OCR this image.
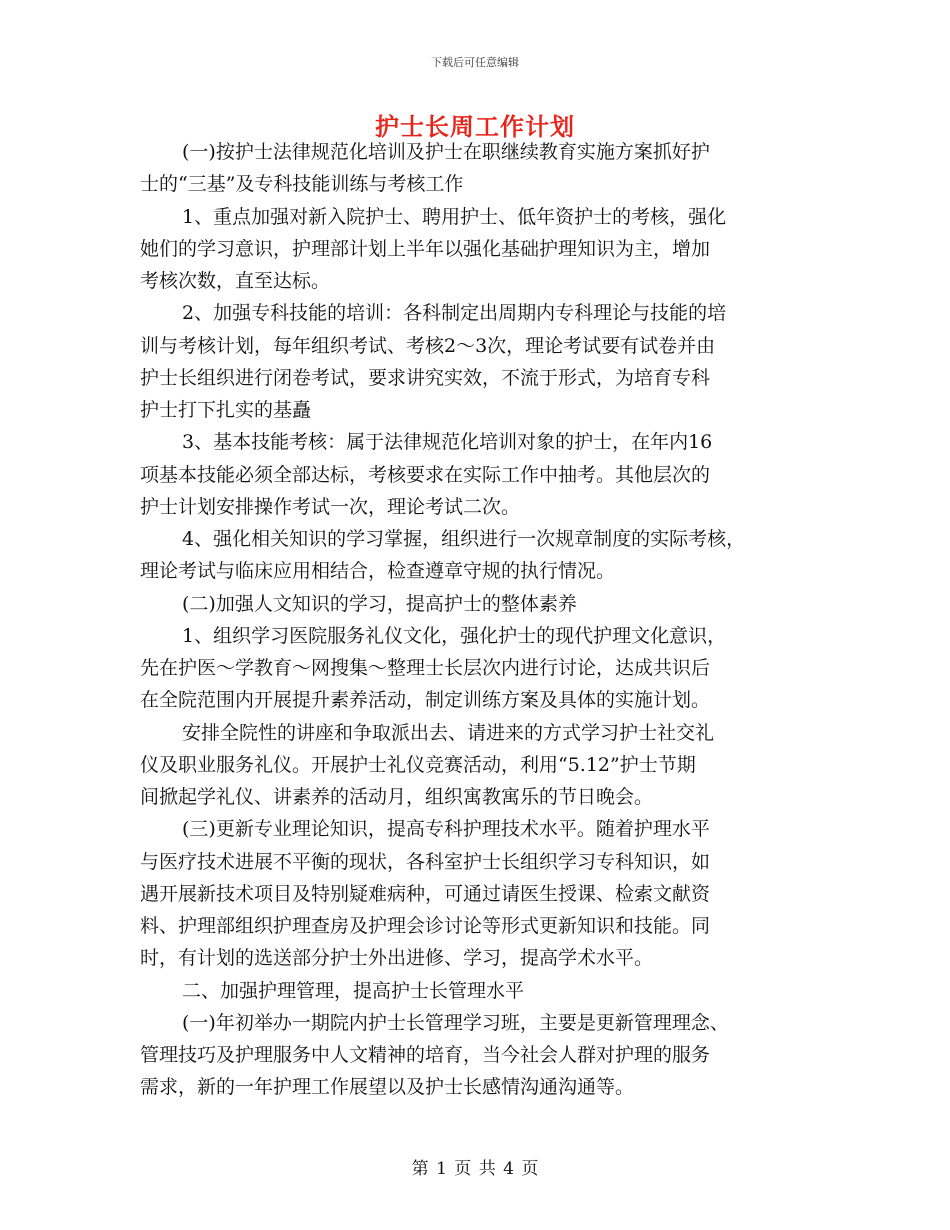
下载后可任意编辑
护士长周工作计划
(一)按护士法律规范化培训及护士在职继续教育实施方案抓好护
士的“三基”及专科技能训练与考核工作
1、重点加强对新入院护士、聘用护士、低年资护士的考核，强化
她们的学习意识，护理部计划上半年以强化基础护理知识为主，增加
考核次数，直至达标。
2、加强专科技能的培训：各科制定出周期内专科理论与技能的培
训与考核计划，每年组织考试、考核2～3次，理论考试要有试卷并由
护士长组织进行闭卷考试，要求讲究实效，不流于形式，为培育专科
护士打下扎实的基矗
3、基本技能考核：属于法律规范化培训对象的护士，在年内16
项基本技能必须全部达标，考核要求在实际工作中抽考。其他层次的
护士计划安排操作考试一次，理论考试二次。
4、强化相关知识的学习掌握，组织进行一次规章制度的实际考核，
理论考试与临床应用相结合，检查遵章守规的执行情况。
(二)加强人文知识的学习，提高护士的整体素养
1、组织学习医院服务礼仪文化，强化护士的现代护理文化意识，
先在护医～学教育～网搜集～整理士长层次内进行讨论，达成共识后
在全院范围内开展提升素养活动，制定训练方案及具体的实施计划。
安排全院性的讲座和争取派出去、请进来的方式学习护士社交礼
仪及职业服务礼仪。开展护士礼仪竞赛活动，利用“5.12”护士节期
间掀起学礼仪、讲素养的活动月，组织寓教寓乐的节日晚会。
(三)更新专业理论知识，提高专科护理技术水平。随着护理水平
与医疗技术进展不平衡的现状，各科室护士长组织学习专科知识，如
遇开展新技术项目及特别疑难病种，可通过请医生授课、检索文献资
料、护理部组织护理查房及护理会诊讨论等形式更新知识和技能。同
时，有计划的选送部分护士外出进修、学习，提高学术水平。
二、加强护理管理，提高护士长管理水平
(一)年初举办一期院内护士长管理学习班，主要是更新管理理念、
管理技巧及护理服务中人文精神的培育，当今社会人群对护理的服务
需求，新的一年护理工作展望以及护士长感情沟通沟通等。
第 1 页 共 4 页
